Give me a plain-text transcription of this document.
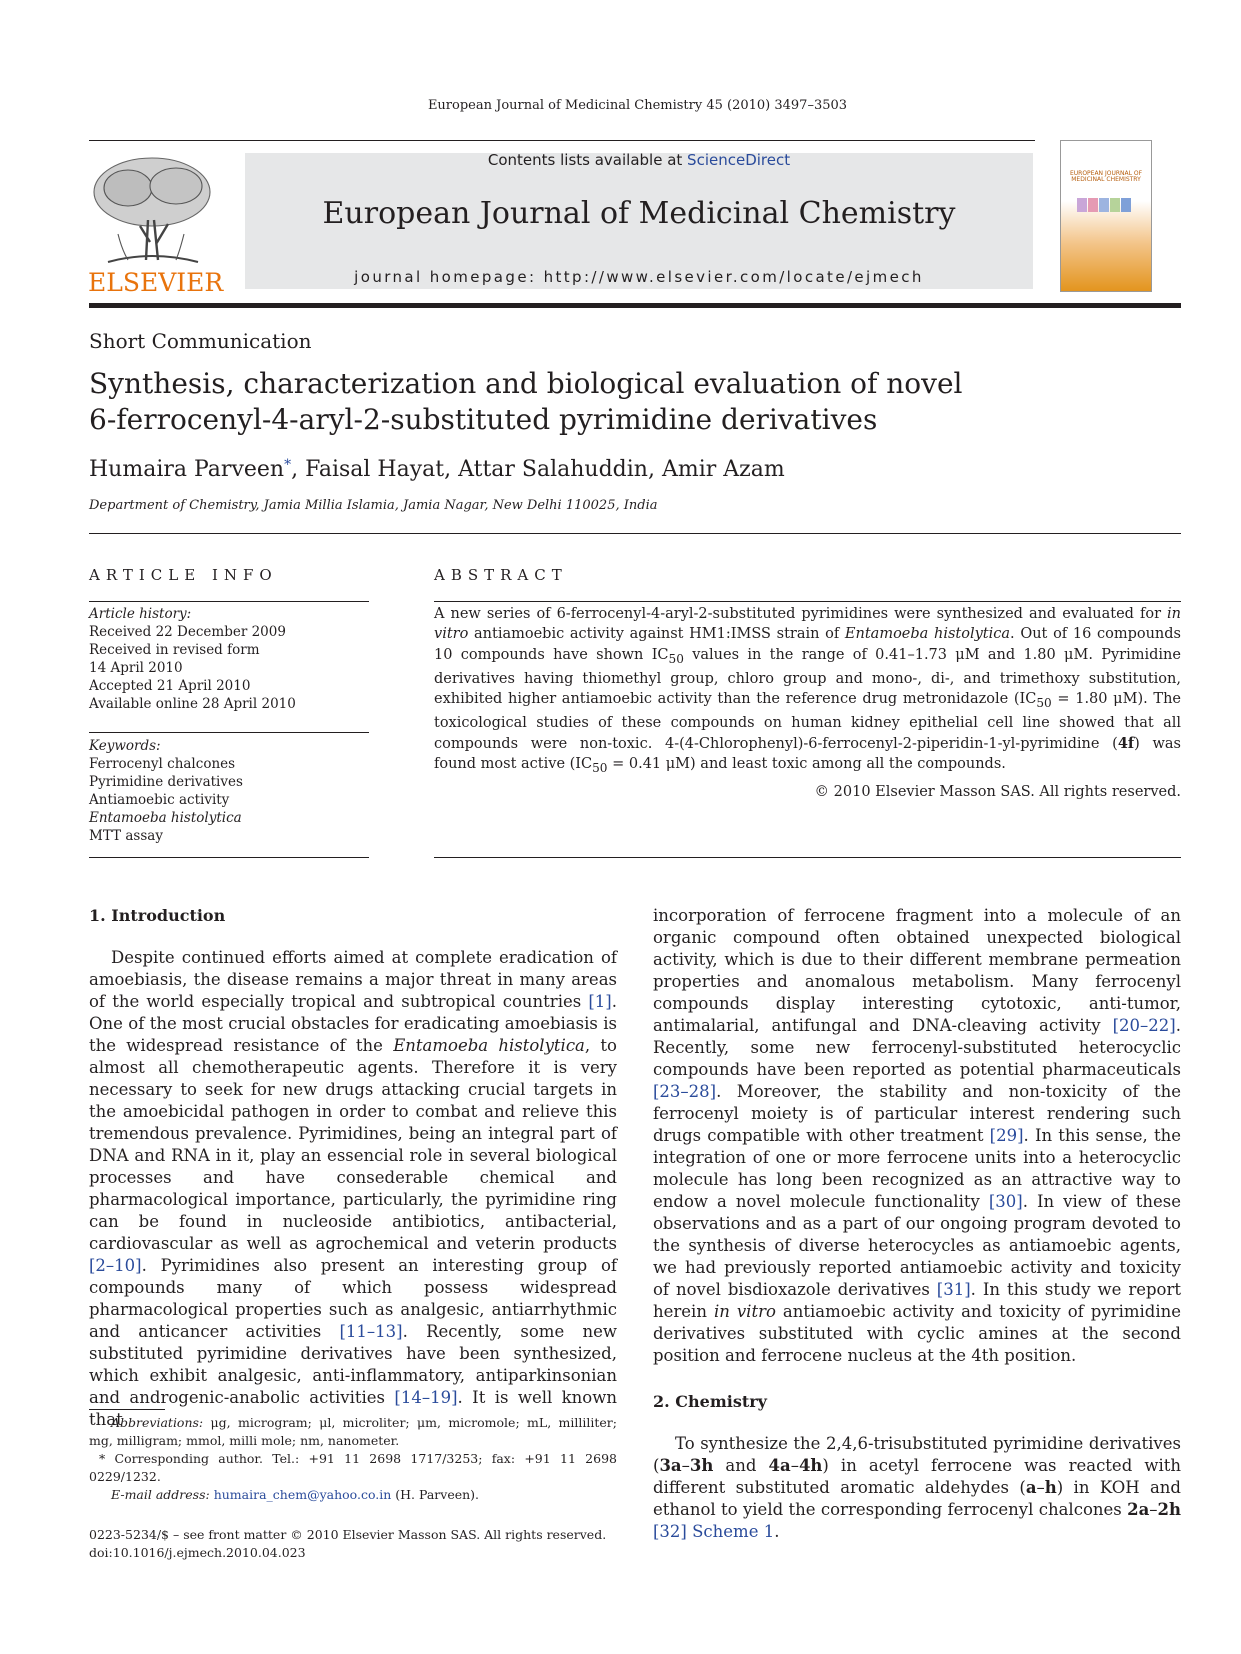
European Journal of Medicinal Chemistry 45 (2010) 3497–3503
ELSEVIER
Contents lists available at ScienceDirect
European Journal of Medicinal Chemistry
journal homepage: http://www.elsevier.com/locate/ejmech
EUROPEAN JOURNAL OF MEDICINAL CHEMISTRY
Short Communication
Synthesis, characterization and biological evaluation of novel
6-ferrocenyl-4-aryl-2-substituted pyrimidine derivatives
Humaira Parveen*, Faisal Hayat, Attar Salahuddin, Amir Azam
Department of Chemistry, Jamia Millia Islamia, Jamia Nagar, New Delhi 110025, India
ARTICLE INFO
Article history:
Received 22 December 2009
Received in revised form
14 April 2010
Accepted 21 April 2010
Available online 28 April 2010
Keywords:
Ferrocenyl chalcones
Pyrimidine derivatives
Antiamoebic activity
Entamoeba histolytica
MTT assay
ABSTRACT
A new series of 6-ferrocenyl-4-aryl-2-substituted pyrimidines were synthesized and evaluated for in vitro antiamoebic activity against HM1:IMSS strain of Entamoeba histolytica. Out of 16 compounds 10 compounds have shown $IC_{50}$ values in the range of 0.41–1.73 μM and 1.80 μM. Pyrimidine derivatives having thiomethyl group, chloro group and mono-, di-, and trimethoxy substitution, exhibited higher antiamoebic activity than the reference drug metronidazole ($IC_{50} = 1.80$ μM). The toxicological studies of these compounds on human kidney epithelial cell line showed that all compounds were non-toxic. 4-(4-Chlorophenyl)-6-ferrocenyl-2-piperidin-1-yl-pyrimidine (4f) was found most active ($IC_{50} = 0.41$ μM) and least toxic among all the compounds.
© 2010 Elsevier Masson SAS. All rights reserved.

1. Introduction

Despite continued efforts aimed at complete eradication of amoebiasis, the disease remains a major threat in many areas of the world especially tropical and subtropical countries [1]. One of the most crucial obstacles for eradicating amoebiasis is the widespread resistance of the Entamoeba histolytica, to almost all chemotherapeutic agents. Therefore it is very necessary to seek for new drugs attacking crucial targets in the amoebicidal pathogen in order to combat and relieve this tremendous prevalence. Pyrimidines, being an integral part of DNA and RNA in it, play an essencial role in several biological processes and have consederable chemical and pharmacological importance, particularly, the pyrimidine ring can be found in nucleoside antibiotics, antibacterial, cardiovascular as well as agrochemical and veterin products [2–10]. Pyrimidines also present an interesting group of compounds many of which possess widespread pharmacological properties such as analgesic, antiarrhythmic and anticancer activities [11–13]. Recently, some new substituted pyrimidine derivatives have been synthesized, which exhibit analgesic, anti-inflammatory, antiparkinsonian and androgenic-anabolic activities [14–19]. It is well known that

Abbreviations: μg, microgram; μl, microliter; μm, micromole; mL, milliliter; mg, milligram; mmol, milli mole; nm, nanometer.

* Corresponding author. Tel.: +91 11 2698 1717/3253; fax: +91 11 2698 0229/1232.

E-mail address: humaira_chem@yahoo.co.in (H. Parveen).

0223-5234/$ – see front matter © 2010 Elsevier Masson SAS. All rights reserved.
doi:10.1016/j.ejmech.2010.04.023

incorporation of ferrocene fragment into a molecule of an organic compound often obtained unexpected biological activity, which is due to their different membrane permeation properties and anomalous metabolism. Many ferrocenyl compounds display interesting cytotoxic, anti-tumor, antimalarial, antifungal and DNA-cleaving activity [20–22]. Recently, some new ferrocenyl-substituted heterocyclic compounds have been reported as potential pharmaceuticals [23–28]. Moreover, the stability and non-toxicity of the ferrocenyl moiety is of particular interest rendering such drugs compatible with other treatment [29]. In this sense, the integration of one or more ferrocene units into a heterocyclic molecule has long been recognized as an attractive way to endow a novel molecule functionality [30]. In view of these observations and as a part of our ongoing program devoted to the synthesis of diverse heterocycles as antiamoebic agents, we had previously reported antiamoebic activity and toxicity of novel bisdioxazole derivatives [31]. In this study we report herein in vitro antiamoebic activity and toxicity of pyrimidine derivatives substituted with cyclic amines at the second position and ferrocene nucleus at the 4th position.

2. Chemistry

To synthesize the 2,4,6-trisubstituted pyrimidine derivatives (3a–3h and 4a–4h) in acetyl ferrocene was reacted with different substituted aromatic aldehydes (a–h) in KOH and ethanol to yield the corresponding ferrocenyl chalcones 2a–2h [32] Scheme 1.
